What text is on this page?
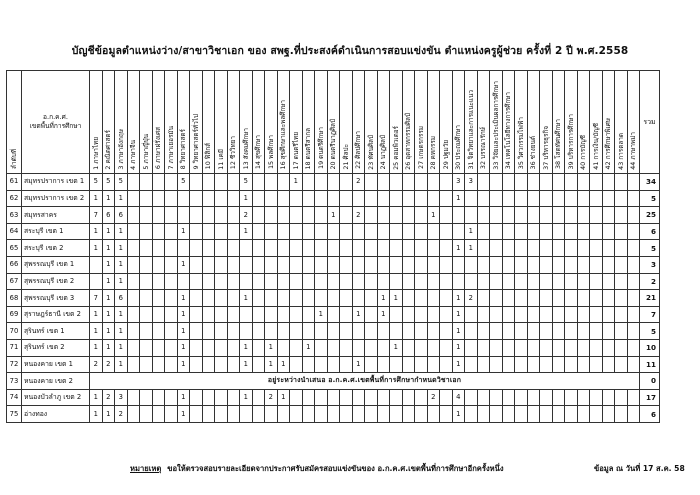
บัญชีข้อมูลตำแหน่งว่าง/สาขาวิชาเอก ของ สพฐ.ที่ประสงค์ดำเนินการสอบแข่งขัน ตำแหน่งครูผู้ช่วย ครั้งที่ 2 ปี พ.ศ.2558
ลำดับที่	อ.ก.ค.ศ.
เขตพื้นที่การศึกษา	1 ภาษาไทย	2 คณิตศาสตร์	3 ภาษาอังกฤษ	4 ภาษาจีน	5 ภาษาญี่ปุ่น	6 ภาษาฝรั่งเศส	7 ภาษาเยอรมัน	8 วิทยาศาสตร์	9 วิทยาศาสตร์ทั่วไป	10 ฟิสิกส์	11 เคมี	12 ชีววิทยา	13 สังคมศึกษา	14 สุขศึกษา	15 พลศึกษา	16 สุขศึกษาและพลศึกษา	17 ดนตรีไทย	18 ดนตรีสากล	19 ดนตรีศึกษา	20 ดนตรีนาฏศิลป์	21 ศิลปะ	22 ศิลปศึกษา	23 ทัศนศิลป์	24 นาฏศิลป์	25 คอมพิวเตอร์	26 อุตสาหกรรมศิลป์	27 เกษตรกรรม	28 คหกรรม	29 ปฐมวัย	30 ประถมศึกษา	31 จิตวิทยาและการแนะแนว	32 บรรณารักษ์	33 วิจัยและประเมินผลการศึกษา	34 เทคโนโลยีทางการศึกษา	35 วิศวกรรมไฟฟ้า	36 ช่างยนต์	37 บริหารธุรกิจ	38 โสตทัศนศึกษา	39 บริหารการศึกษา	40 การบัญชี	41 การเงิน/บัญชี	42 การศึกษาพิเศษ	43 การตลาด	44 ภาษาพม่า	รวม
61	สมุทรปราการ เขต 1	5	5	5					5					5				1					2								3	3														34
62	สมุทรปราการ เขต 2	1	1	1										1																	1															5
63	สมุทรสาคร	7	6	6										2							1		2						1																	25
64	สระบุรี เขต 1	1	1	1					1					1																		1														6
65	สระบุรี เขต 2	1	1	1																											1	1														5
66	สุพรรณบุรี เขต 1		1	1					1																																					3
67	สุพรรณบุรี เขต 2		1	1																																										2
68	สุพรรณบุรี เขต 3	7	1	6					1					1											1	1					1	2														21
69	สุราษฎร์ธานี เขต 2	1	1	1					1											1			1		1						1															7
70	สุรินทร์ เขต 1	1	1	1					1																						1															5
71	สุรินทร์ เขต 2	1	1	1					1					1		1			1							1					1															10
72	หนองคาย เขต 1	2	2	1					1					1		1	1						1								1															11
73	หนองคาย เขต 2	อยู่ระหว่างนำเสนอ อ.ก.ค.ศ.เขตพื้นที่การศึกษากำหนดวิชาเอก																																												0
74	หนองบัวลำภู เขต 2	1	2	3					1					1		2	1												2		4															17
75	อ่างทอง	1	1	2					1																						1															6
หมายเหตุ ขอให้ตรวจสอบรายละเอียดจากประกาศรับสมัครสอบแข่งขันของ อ.ก.ค.ศ.เขตพื้นที่การศึกษาอีกครั้งหนึ่ง	ข้อมูล ณ วันที่ 17 ส.ค. 58
